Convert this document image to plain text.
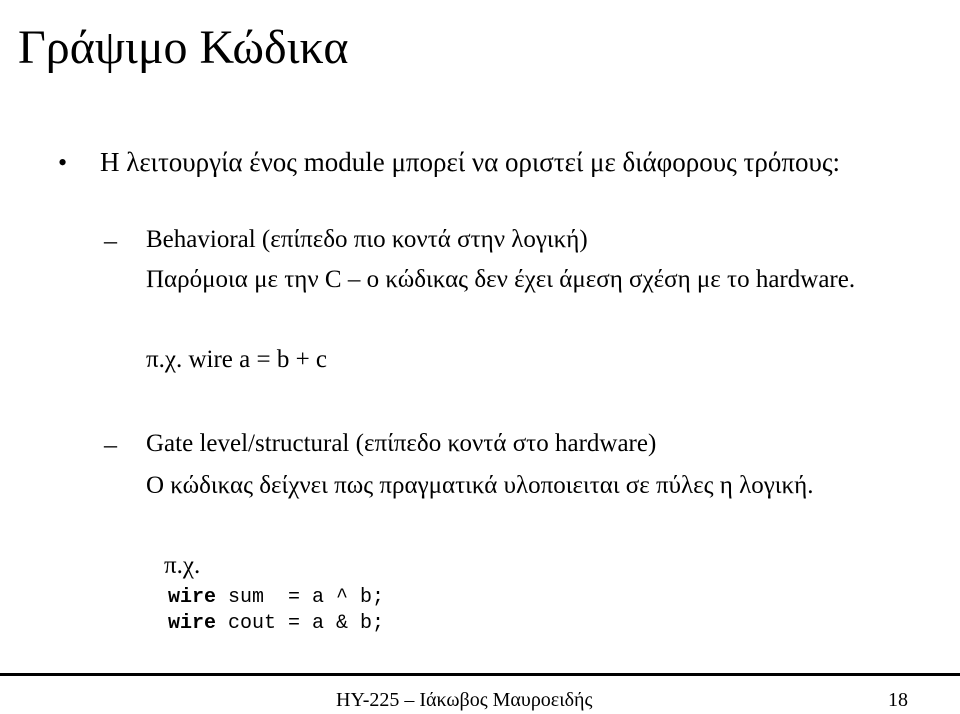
Γράψιμο Κώδικα
• Η λειτουργία ένος module μπορεί να οριστεί με διάφορους τρόπους:
– Behavioral (επίπεδο πιο κοντά στην λογική)
Παρόμοια με την C – ο κώδικας δεν έχει άμεση σχέση με το hardware.
π.χ. wire a = b + c
– Gate level/structural (επίπεδο κοντά στο hardware)
Ο κώδικας δείχνει πως πραγματικά υλοποιειται σε πύλες η λογική.
π.χ.
wire sum  = a ^ b;
wire cout = a & b;
ΗΥ-225 – Ιάκωβος Μαυροειδής	18
